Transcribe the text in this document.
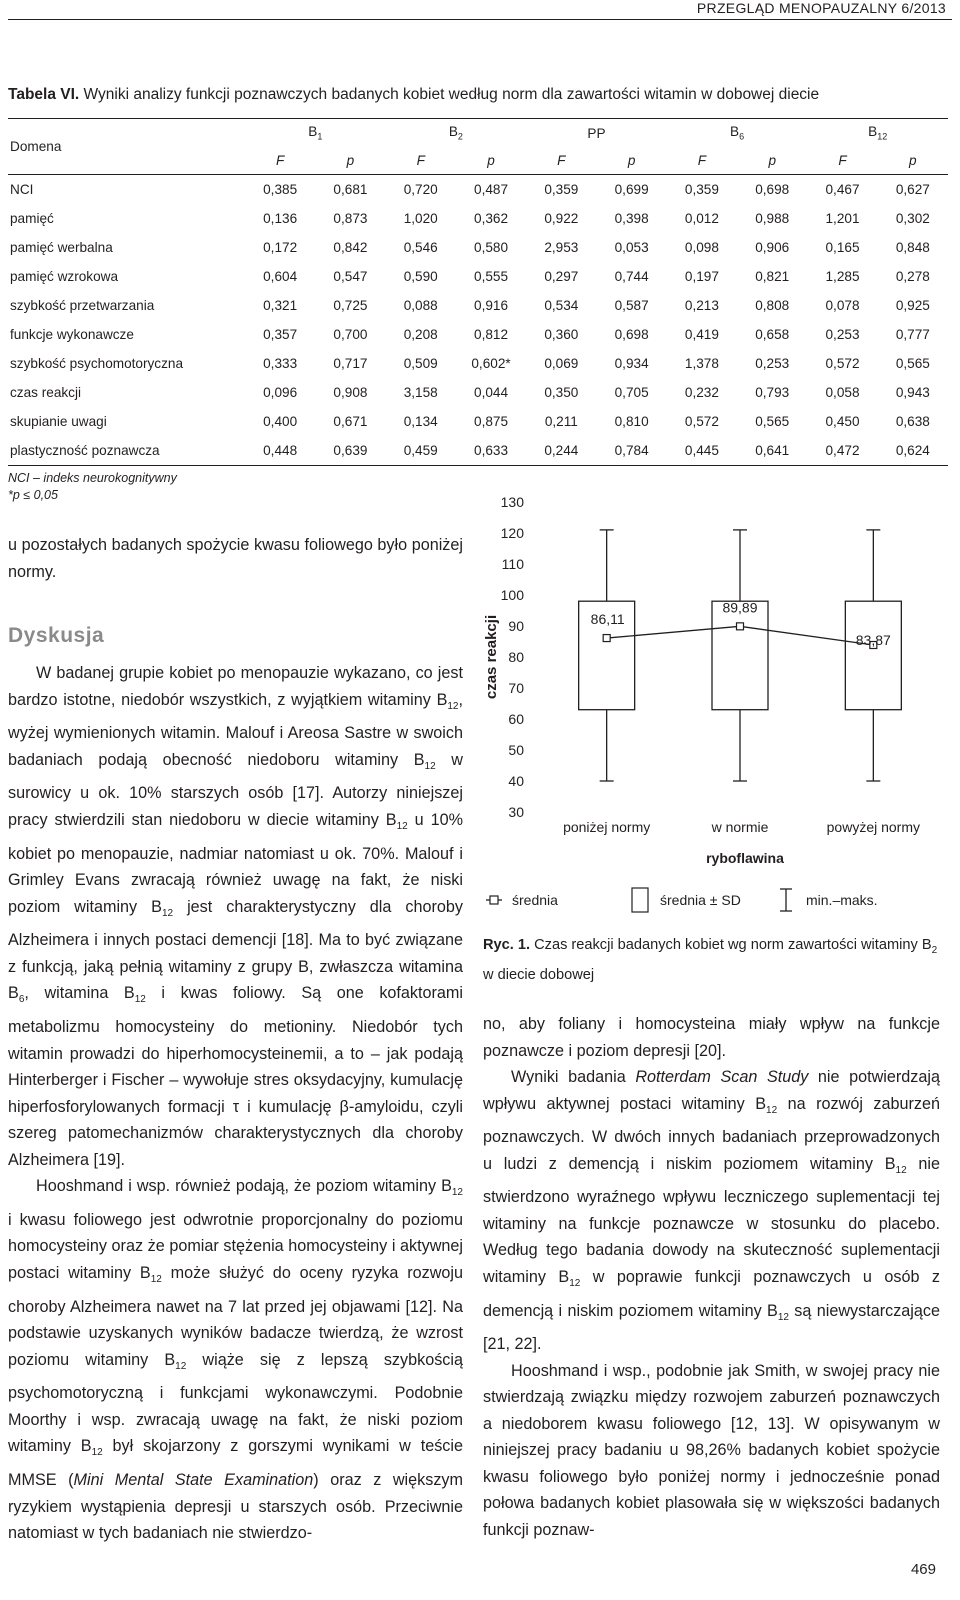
PRZEGLĄD MENOPAUZALNY 6/2013
Tabela VI. Wyniki analizy funkcji poznawczych badanych kobiet według norm dla zawartości witamin w dobowej diecie
Domena	$B_1$		$B_2$		PP		$B_6$		$B_{12}$
	F	p	F	p	F	p	F	p	F	p
NCI	0,385	0,681	0,720	0,487	0,359	0,699	0,359	0,698	0,467	0,627
pamięć	0,136	0,873	1,020	0,362	0,922	0,398	0,012	0,988	1,201	0,302
pamięć werbalna	0,172	0,842	0,546	0,580	2,953	0,053	0,098	0,906	0,165	0,848
pamięć wzrokowa	0,604	0,547	0,590	0,555	0,297	0,744	0,197	0,821	1,285	0,278
szybkość przetwarzania	0,321	0,725	0,088	0,916	0,534	0,587	0,213	0,808	0,078	0,925
funkcje wykonawcze	0,357	0,700	0,208	0,812	0,360	0,698	0,419	0,658	0,253	0,777
szybkość psychomotoryczna	0,333	0,717	0,509	0,602*	0,069	0,934	1,378	0,253	0,572	0,565
czas reakcji	0,096	0,908	3,158	0,044	0,350	0,705	0,232	0,793	0,058	0,943
skupianie uwagi	0,400	0,671	0,134	0,875	0,211	0,810	0,572	0,565	0,450	0,638
plastyczność poznawcza	0,448	0,639	0,459	0,633	0,244	0,784	0,445	0,641	0,472	0,624
NCI – indeks neurokognitywny
*p ≤ 0,05

u pozostałych badanych spożycie kwasu foliowego było poniżej normy.

Dyskusja

W badanej grupie kobiet po menopauzie wykazano, co jest bardzo istotne, niedobór wszystkich, z wyjątkiem witaminy $B_{12}$, wyżej wymienionych witamin. Malouf i Areosa Sastre w swoich badaniach podają obecność niedoboru witaminy $B_{12}$ w surowicy u ok. 10% starszych osób [17]. Autorzy niniejszej pracy stwierdzili stan niedoboru w diecie witaminy $B_{12}$ u 10% kobiet po menopauzie, nadmiar natomiast u ok. 70%. Malouf i Grimley Evans zwracają również uwagę na fakt, że niski poziom witaminy $B_{12}$ jest charakterystyczny dla choroby Alzheimera i innych postaci demencji [18]. Ma to być związane z funkcją, jaką pełnią witaminy z grupy B, zwłaszcza witamina $B_6$, witamina $B_{12}$ i kwas foliowy. Są one kofaktorami metabolizmu homocysteiny do metioniny. Niedobór tych witamin prowadzi do hiperhomocysteinemii, a to – jak podają Hinterberger i Fischer – wywołuje stres oksydacyjny, kumulację hiperfosforylowanych formacji τ i kumulację β-amyloidu, czyli szereg patomechanizmów charakterystycznych dla choroby Alzheimera [19].

Hooshmand i wsp. również podają, że poziom witaminy $B_{12}$ i kwasu foliowego jest odwrotnie proporcjonalny do poziomu homocysteiny oraz że pomiar stężenia homocysteiny i aktywnej postaci witaminy $B_{12}$ może służyć do oceny ryzyka rozwoju choroby Alzheimera nawet na 7 lat przed jej objawami [12]. Na podstawie uzyskanych wyników badacze twierdzą, że wzrost poziomu witaminy $B_{12}$ wiąże się z lepszą szybkością psychomotoryczną i funkcjami wykonawczymi. Podobnie Moorthy i wsp. zwracają uwagę na fakt, że niski poziom witaminy $B_{12}$ był skojarzony z gorszymi wynikami w teście MMSE (Mini Mental State Examination) oraz z większym ryzykiem wystąpienia depresji u starszych osób. Przeciwnie natomiast w tych badaniach nie stwierdzo-

30
40
50
60
70
80
90
100
110
120
130
czas reakcji
poniżej normy	w normie	powyżej normy
86,11
89,89
83,87
ryboflawina
średnia	średnia ± SD	min.–maks.
Ryc. 1. Czas reakcji badanych kobiet wg norm zawartości witaminy $B_2$ w diecie dobowej

no, aby foliany i homocysteina miały wpływ na funkcje poznawcze i poziom depresji [20].

Wyniki badania Rotterdam Scan Study nie potwierdzają wpływu aktywnej postaci witaminy $B_{12}$ na rozwój zaburzeń poznawczych. W dwóch innych badaniach przeprowadzonych u ludzi z demencją i niskim poziomem witaminy $B_{12}$ nie stwierdzono wyraźnego wpływu leczniczego suplementacji tej witaminy na funkcje poznawcze w stosunku do placebo. Według tego badania dowody na skuteczność suplementacji witaminy $B_{12}$ w poprawie funkcji poznawczych u osób z demencją i niskim poziomem witaminy $B_{12}$ są niewystarczające [21, 22].

Hooshmand i wsp., podobnie jak Smith, w swojej pracy nie stwierdzają związku między rozwojem zaburzeń poznawczych a niedoborem kwasu foliowego [12, 13]. W opisywanym w niniejszej pracy badaniu u 98,26% badanych kobiet spożycie kwasu foliowego było poniżej normy i jednocześnie ponad połowa badanych kobiet plasowała się w większości badanych funkcji poznaw-

469
